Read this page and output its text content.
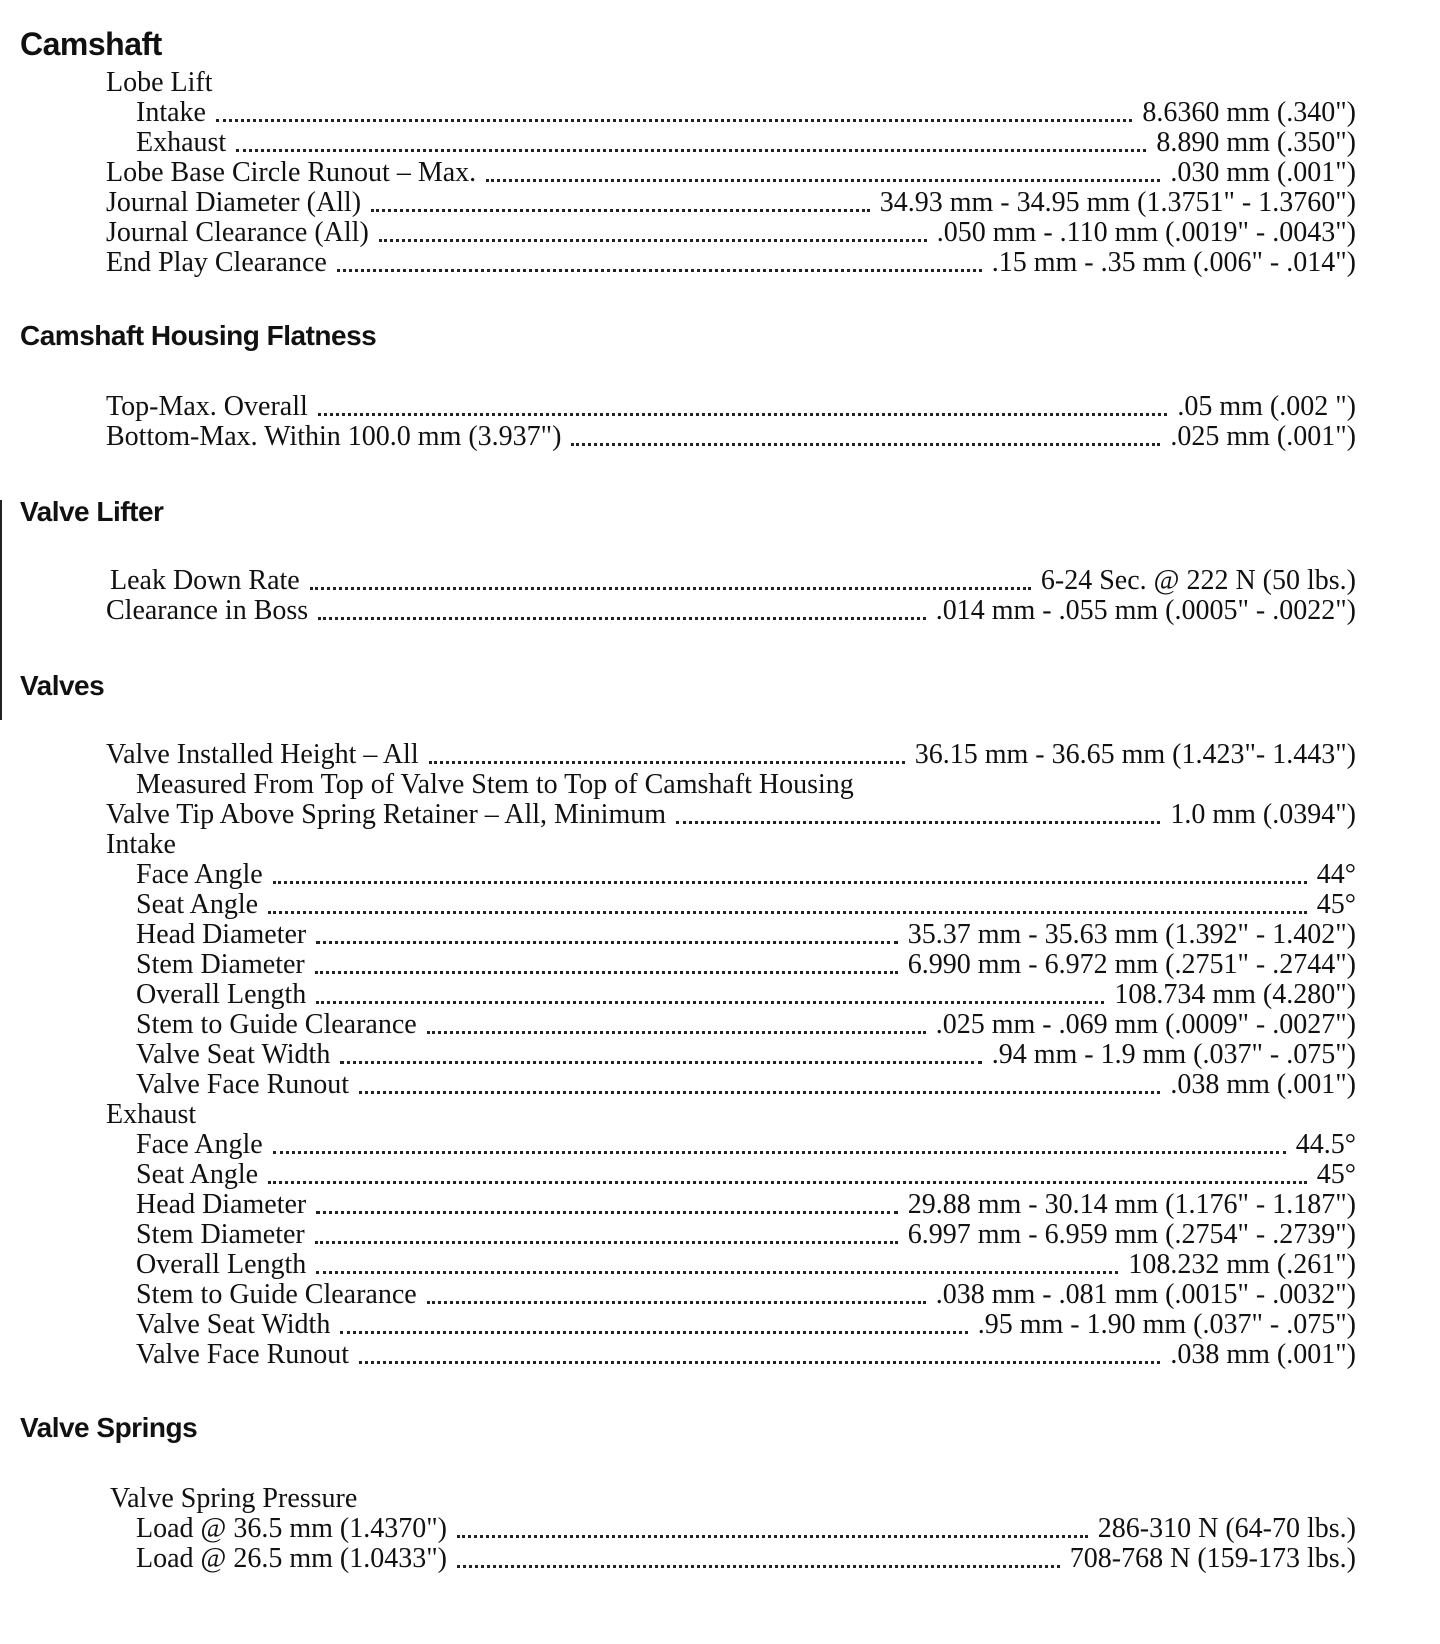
Camshaft
Lobe Lift
Intake	8.6360 mm (.340")
Exhaust	8.890 mm (.350")
Lobe Base Circle Runout – Max.	.030 mm (.001")
Journal Diameter (All)	34.93 mm - 34.95 mm (1.3751" - 1.3760")
Journal Clearance (All)	.050 mm - .110 mm (.0019" - .0043")
End Play Clearance	.15 mm - .35 mm (.006" - .014")
Camshaft Housing Flatness
Top-Max. Overall	.05 mm (.002 ")
Bottom-Max. Within 100.0 mm (3.937")	.025 mm (.001")
Valve Lifter
Leak Down Rate	6-24 Sec. @ 222 N (50 lbs.)
Clearance in Boss	.014 mm - .055 mm (.0005" - .0022")
Valves
Valve Installed Height – All	36.15 mm - 36.65 mm (1.423"- 1.443")
Measured From Top of Valve Stem to Top of Camshaft Housing
Valve Tip Above Spring Retainer – All, Minimum	1.0 mm (.0394")
Intake
Face Angle	44°
Seat Angle	45°
Head Diameter	35.37 mm - 35.63 mm (1.392" - 1.402")
Stem Diameter	6.990 mm - 6.972 mm (.2751" - .2744")
Overall Length	108.734 mm (4.280")
Stem to Guide Clearance	.025 mm - .069 mm (.0009" - .0027")
Valve Seat Width	.94 mm - 1.9 mm (.037" - .075")
Valve Face Runout	.038 mm (.001")
Exhaust
Face Angle	44.5°
Seat Angle	45°
Head Diameter	29.88 mm - 30.14 mm (1.176" - 1.187")
Stem Diameter	6.997 mm - 6.959 mm (.2754" - .2739")
Overall Length	108.232 mm (.261")
Stem to Guide Clearance	.038 mm - .081 mm (.0015" - .0032")
Valve Seat Width	.95 mm - 1.90 mm (.037" - .075")
Valve Face Runout	.038 mm (.001")
Valve Springs
Valve Spring Pressure
Load @ 36.5 mm (1.4370")	286-310 N (64-70 lbs.)
Load @ 26.5 mm (1.0433")	708-768 N (159-173 lbs.)
